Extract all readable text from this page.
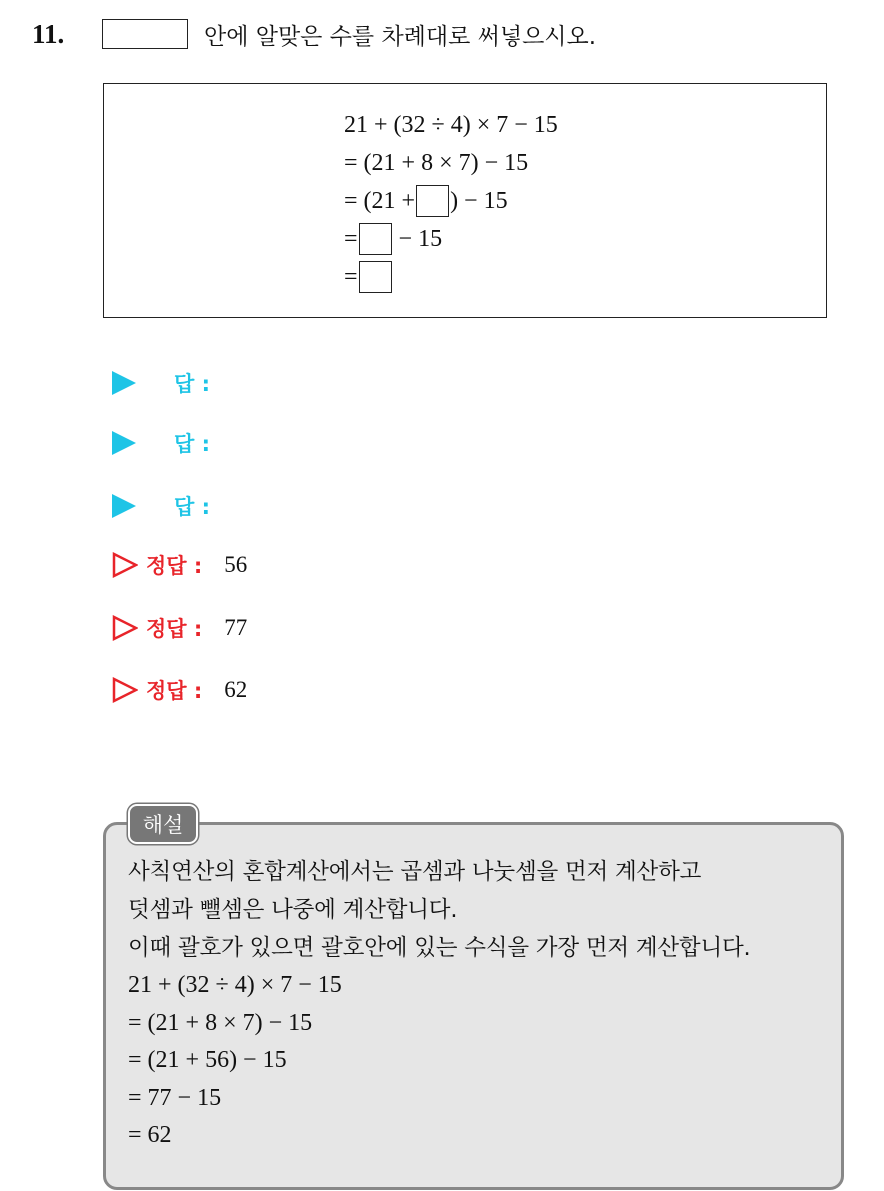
11.	안에 알맞은 수를 차례대로 써넣으시오.
21 + (32 ÷ 4) × 7 − 15
= (21 + 8 × 7) − 15
= (21 + ) − 15
= − 15
=
답 :
답 :
답 :
정답 : 56
정답 : 77
정답 : 62
사칙연산의 혼합계산에서는 곱셈과 나눗셈을 먼저 계산하고
덧셈과 뺄셈은 나중에 계산합니다.
이때 괄호가 있으면 괄호안에 있는 수식을 가장 먼저 계산합니다.
21 + (32 ÷ 4) × 7 − 15
= (21 + 8 × 7) − 15
= (21 + 56) − 15
= 77 − 15
= 62
해설
